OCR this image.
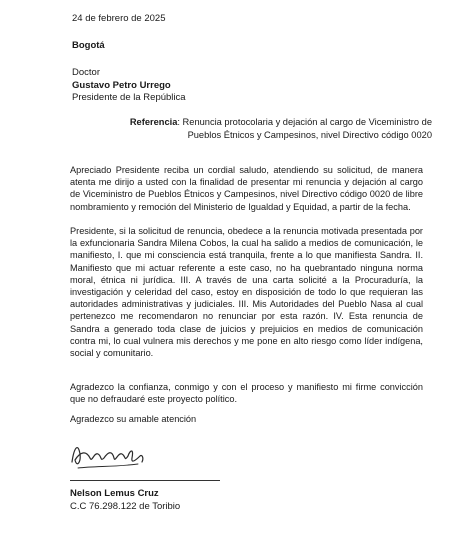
24 de febrero de 2025
Bogotá
Doctor
Gustavo Petro Urrego
Presidente de la República
Referencia: Renuncia protocolaria y dejación al cargo de Viceministro de Pueblos Étnicos y Campesinos, nivel Directivo código 0020
Apreciado Presidente reciba un cordial saludo, atendiendo su solicitud, de manera atenta me dirijo a usted con la finalidad de presentar mi renuncia y dejación al cargo de Viceministro de Pueblos Étnicos y Campesinos, nivel Directivo código 0020 de libre nombramiento y remoción del Ministerio de Igualdad y Equidad, a partir de la fecha.
Presidente, si la solicitud de renuncia, obedece a la renuncia motivada presentada por la exfuncionaria Sandra Milena Cobos, la cual ha salido a medios de comunicación, le manifiesto, I. que mi consciencia está tranquila, frente a lo que manifiesta Sandra. II. Manifiesto que mi actuar referente a este caso, no ha quebrantado ninguna norma moral, étnica ni jurídica. III. A través de una carta solicité a la Procuraduría, la investigación y celeridad del caso, estoy en disposición de todo lo que requieran las autoridades administrativas y judiciales. III. Mis Autoridades del Pueblo Nasa al cual pertenezco me recomendaron no renunciar por esta razón. IV. Esta renuncia de Sandra a generado toda clase de juicios y prejuicios en medios de comunicación contra mi, lo cual vulnera mis derechos y me pone en alto riesgo como líder indígena, social y comunitario.
Agradezco la confianza, conmigo y con el proceso y manifiesto mi firme convicción que no defraudaré este proyecto político.
Agradezco su amable atención
Nelson Lemus Cruz
C.C 76.298.122 de Toribio
